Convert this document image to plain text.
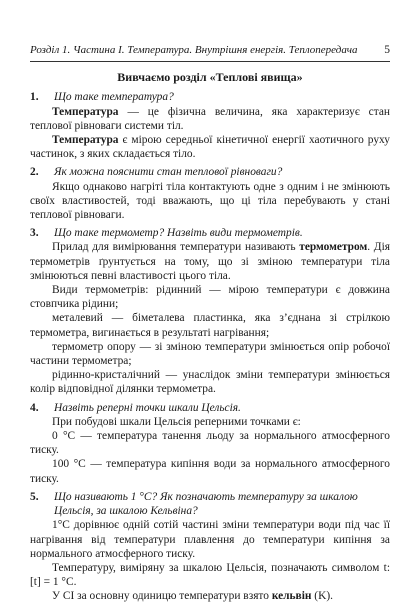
Розділ 1. Частина І. Температура. Внутрішня енергія. Теплопередача 5
Вивчаємо розділ «Теплові явища»
1.	Що таке температура?

Температура — це фізична величина, яка характеризує стан теплової рівноваги системи тіл.

Температура є мірою середньої кінетичної енергії хаотичного руху частинок, з яких складається тіло.

2.	Як можна пояснити стан теплової рівноваги?

Якщо однаково нагріті тіла контактують одне з одним і не змінюють своїх властивостей, тоді вважають, що ці тіла перебувають у стані теплової рівноваги.

3.	Що таке термометр? Назвіть види термометрів.

Прилад для вимірювання температури називають термометром. Дія термометрів ґрунтується на тому, що зі зміною температури тіла змінюються певні властивості цього тіла.

Види термометрів: рідинний — мірою температури є довжина стовпчика рідини;

металевий — біметалева пластинка, яка з’єднана зі стрілкою термометра, вигинається в результаті нагрівання;

термометр опору — зі зміною температури змінюється опір робочої частини термометра;

рідинно-кристалічний — унаслідок зміни температури змінюється колір відповідної ділянки термометра.

4.	Назвіть реперні точки шкали Цельсія.

При побудові шкали Цельсія реперними точками є:

0 °C — температура танення льоду за нормального атмосферного тиску.

100 °C — температура кипіння води за нормального атмосферного тиску.

5.	Що називають 1 °C? Як позначають температуру за шкалою Цельсія, за шкалою Кельвіна?

1°C дорівнює одній сотій частині зміни температури води під час її нагрівання від температури плавлення до температури кипіння за нормального атмосферного тиску.

Температуру, виміряну за шкалою Цельсія, позначають символом t: [t] = 1 °C.

У СІ за основну одиницю температури взято кельвін (K).
